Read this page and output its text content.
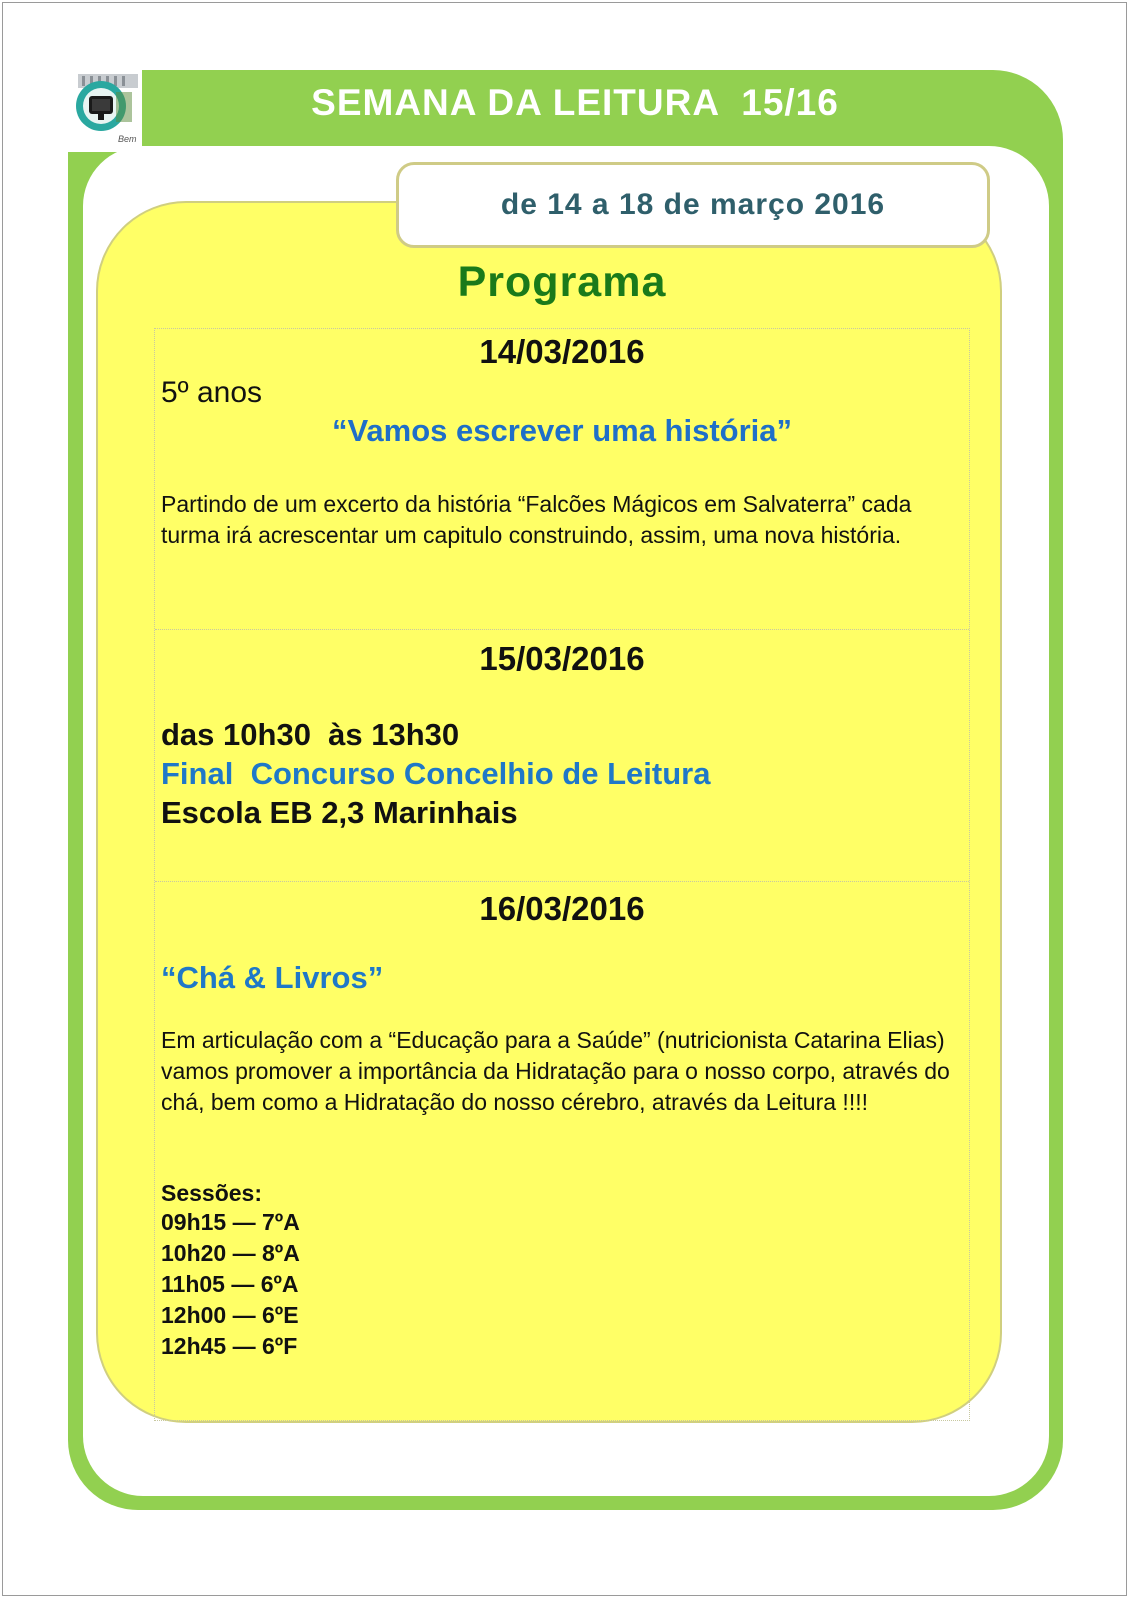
Bem
SEMANA DA LEITURA  15/16
de 14 a 18 de março 2016
Programa
14/03/2016
5º anos
“Vamos escrever uma história”
Partindo de um excerto da história “Falcões Mágicos em Salvaterra” cada turma irá acrescentar um capitulo construindo, assim, uma nova história.
15/03/2016
das 10h30  às 13h30
Final  Concurso Concelhio de Leitura
Escola EB 2,3 Marinhais
16/03/2016
“Chá & Livros”
Em articulação com a “Educação para a Saúde” (nutricionista Catarina Elias) vamos promover a importância da Hidratação para o nosso corpo, através do chá, bem como a Hidratação do nosso cérebro, através da Leitura !!!!
Sessões:
09h15 — 7ºA
10h20 — 8ºA
11h05 — 6ºA
12h00 — 6ºE
12h45 — 6ºF
